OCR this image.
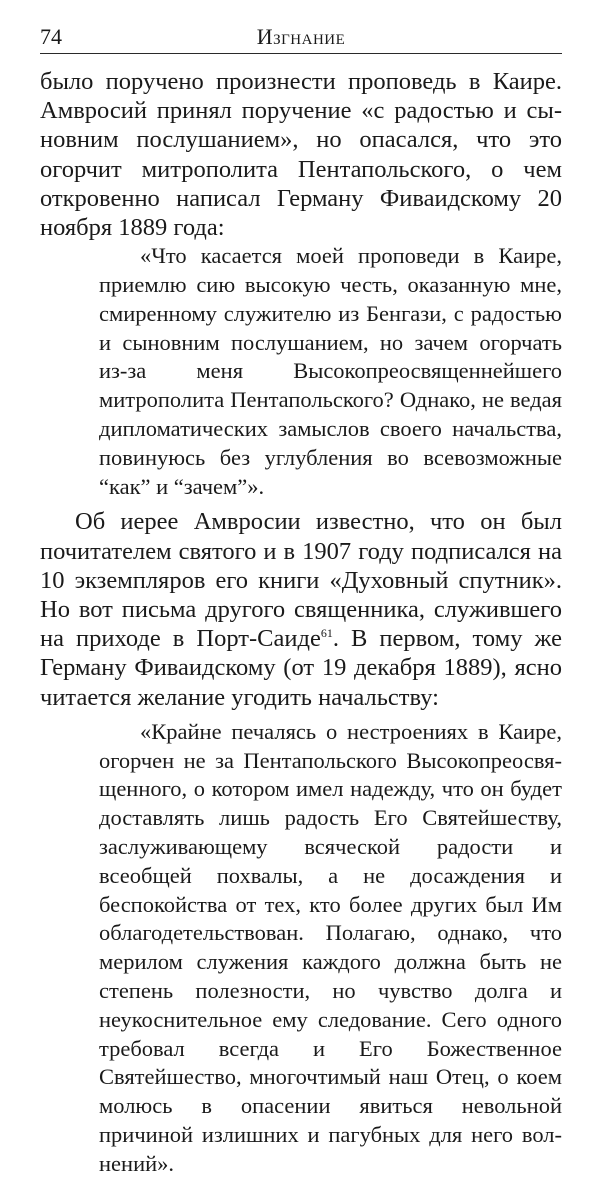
74	Изгнание

было поручено произнести проповедь в Каире. Амвросий принял поручение «с радостью и сыновним послушанием», но опасался, что это огорчит митрополита Пентапольского, о чем откровенно написал Герману Фиваидскому 20 ноября 1889 года:

«Что касается моей проповеди в Каире, приемлю сию высокую честь, оказанную мне, смиренному служителю из Бенгази, с радостью и сыновним послушанием, но зачем огорчать из-за меня Высокопреосвященнейшего митрополита Пентапольского? Однако, не ведая дипломатических замыслов своего начальства, повинуюсь без углубления во всевозможные “как” и “зачем”».

Об иерее Амвросии известно, что он был почитателем святого и в 1907 году подписался на 10 экземпляров его книги «Духовный спутник». Но вот письма другого священника, служившего на приходе в Порт-Саиде$^{61}$. В первом, тому же Герману Фиваидскому (от 19 декабря 1889), ясно читается желание угодить начальству:

«Крайне печалясь о нестроениях в Каире, огорчен не за Пентапольского Высокопреосвященного, о котором имел надежду, что он будет доставлять лишь радость Его Святейшеству, заслуживающему всяческой радости и всеобщей похвалы, а не досаждения и беспокойства от тех, кто более других был Им облагодетельствован. Полагаю, однако, что мерилом служения каждого должна быть не степень полезности, но чувство долга и неукоснительное ему следование. Сего одного требовал всегда и Его Божественное Святейшество, многочтимый наш Отец, о коем молюсь в опасении явиться невольной причиной излишних и пагубных для него волнений».
